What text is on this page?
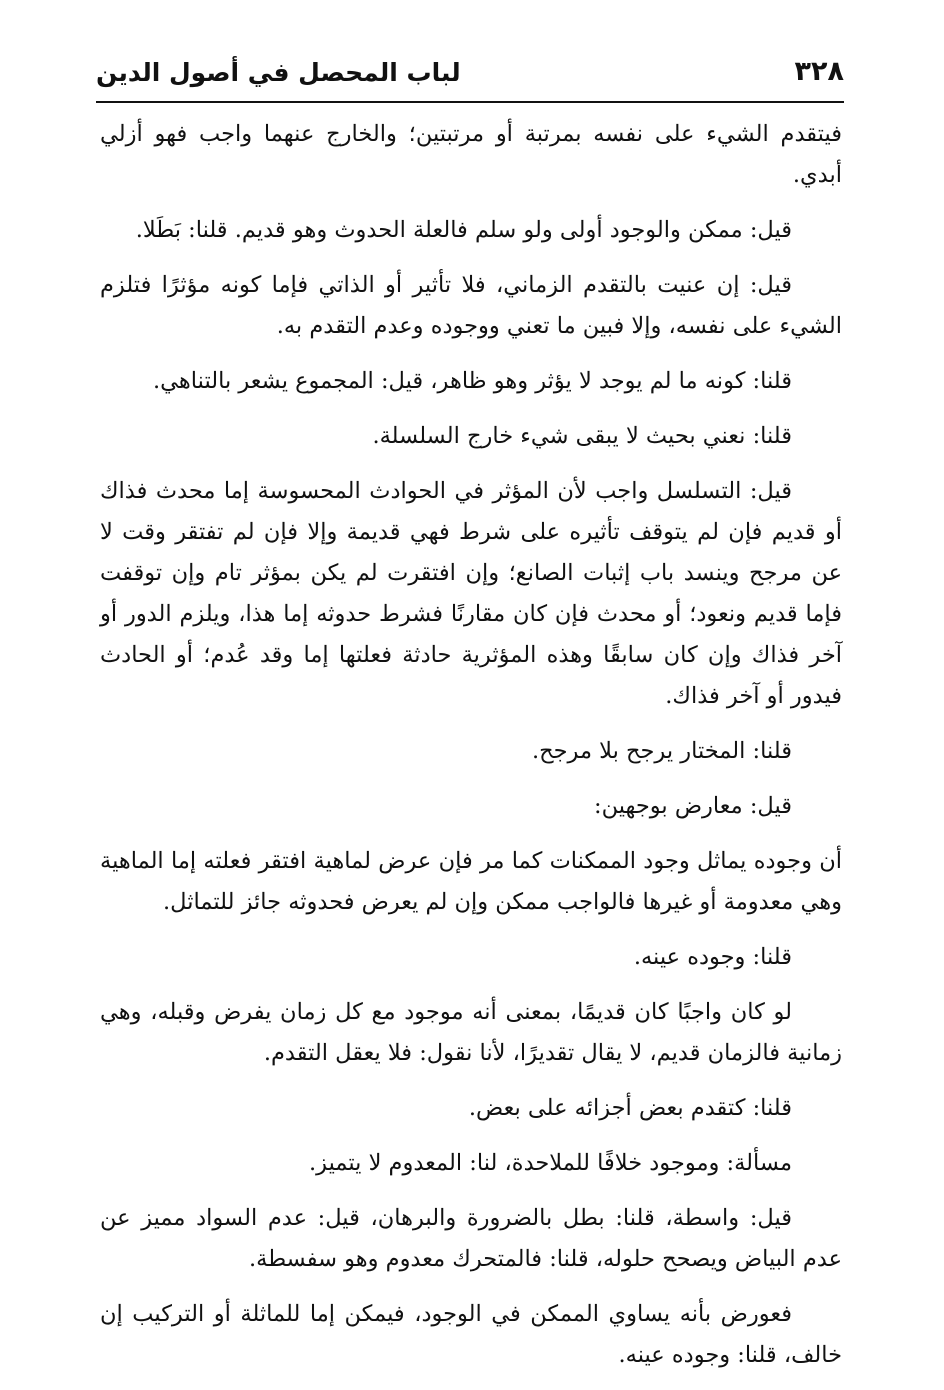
لباب المحصل في أصول الدين	٣٢٨

فيتقدم الشيء على نفسه بمرتبة أو مرتبتين؛ والخارج عنهما واجب فهو أزلي أبدي.

قيل: ممكن والوجود أولى ولو سلم فالعلة الحدوث وهو قديم. قلنا: بَطَلا.

قيل: إن عنيت بالتقدم الزماني، فلا تأثير أو الذاتي فإما كونه مؤثرًا فتلزم الشيء على نفسه، وإلا فبين ما تعني ووجوده وعدم التقدم به.

قلنا: كونه ما لم يوجد لا يؤثر وهو ظاهر، قيل: المجموع يشعر بالتناهي.

قلنا: نعني بحيث لا يبقى شيء خارج السلسلة.

قيل: التسلسل واجب لأن المؤثر في الحوادث المحسوسة إما محدث فذاك أو قديم فإن لم يتوقف تأثيره على شرط فهي قديمة وإلا فإن لم تفتقر وقت لا عن مرجح وينسد باب إثبات الصانع؛ وإن افتقرت لم يكن بمؤثر تام وإن توقفت فإما قديم ونعود؛ أو محدث فإن كان مقارنًا فشرط حدوثه إما هذا، ويلزم الدور أو آخر فذاك وإن كان سابقًا وهذه المؤثرية حادثة فعلتها إما وقد عُدم؛ أو الحادث فيدور أو آخر فذاك.

قلنا: المختار يرجح بلا مرجح.

قيل: معارض بوجهين:

أن وجوده يماثل وجود الممكنات كما مر فإن عرض لماهية افتقر فعلته إما الماهية وهي معدومة أو غيرها فالواجب ممكن وإن لم يعرض فحدوثه جائز للتماثل.

قلنا: وجوده عينه.

لو كان واجبًا كان قديمًا، بمعنى أنه موجود مع كل زمان يفرض وقبله، وهي زمانية فالزمان قديم، لا يقال تقديرًا، لأنا نقول: فلا يعقل التقدم.

قلنا: كتقدم بعض أجزائه على بعض.

مسألة: وموجود خلافًا للملاحدة، لنا: المعدوم لا يتميز.

قيل: واسطة، قلنا: بطل بالضرورة والبرهان، قيل: عدم السواد مميز عن عدم البياض ويصحح حلوله، قلنا: فالمتحرك معدوم وهو سفسطة.

فعورض بأنه يساوي الممكن في الوجود، فيمكن إما للماثلة أو التركيب إن خالف، قلنا: وجوده عينه.
